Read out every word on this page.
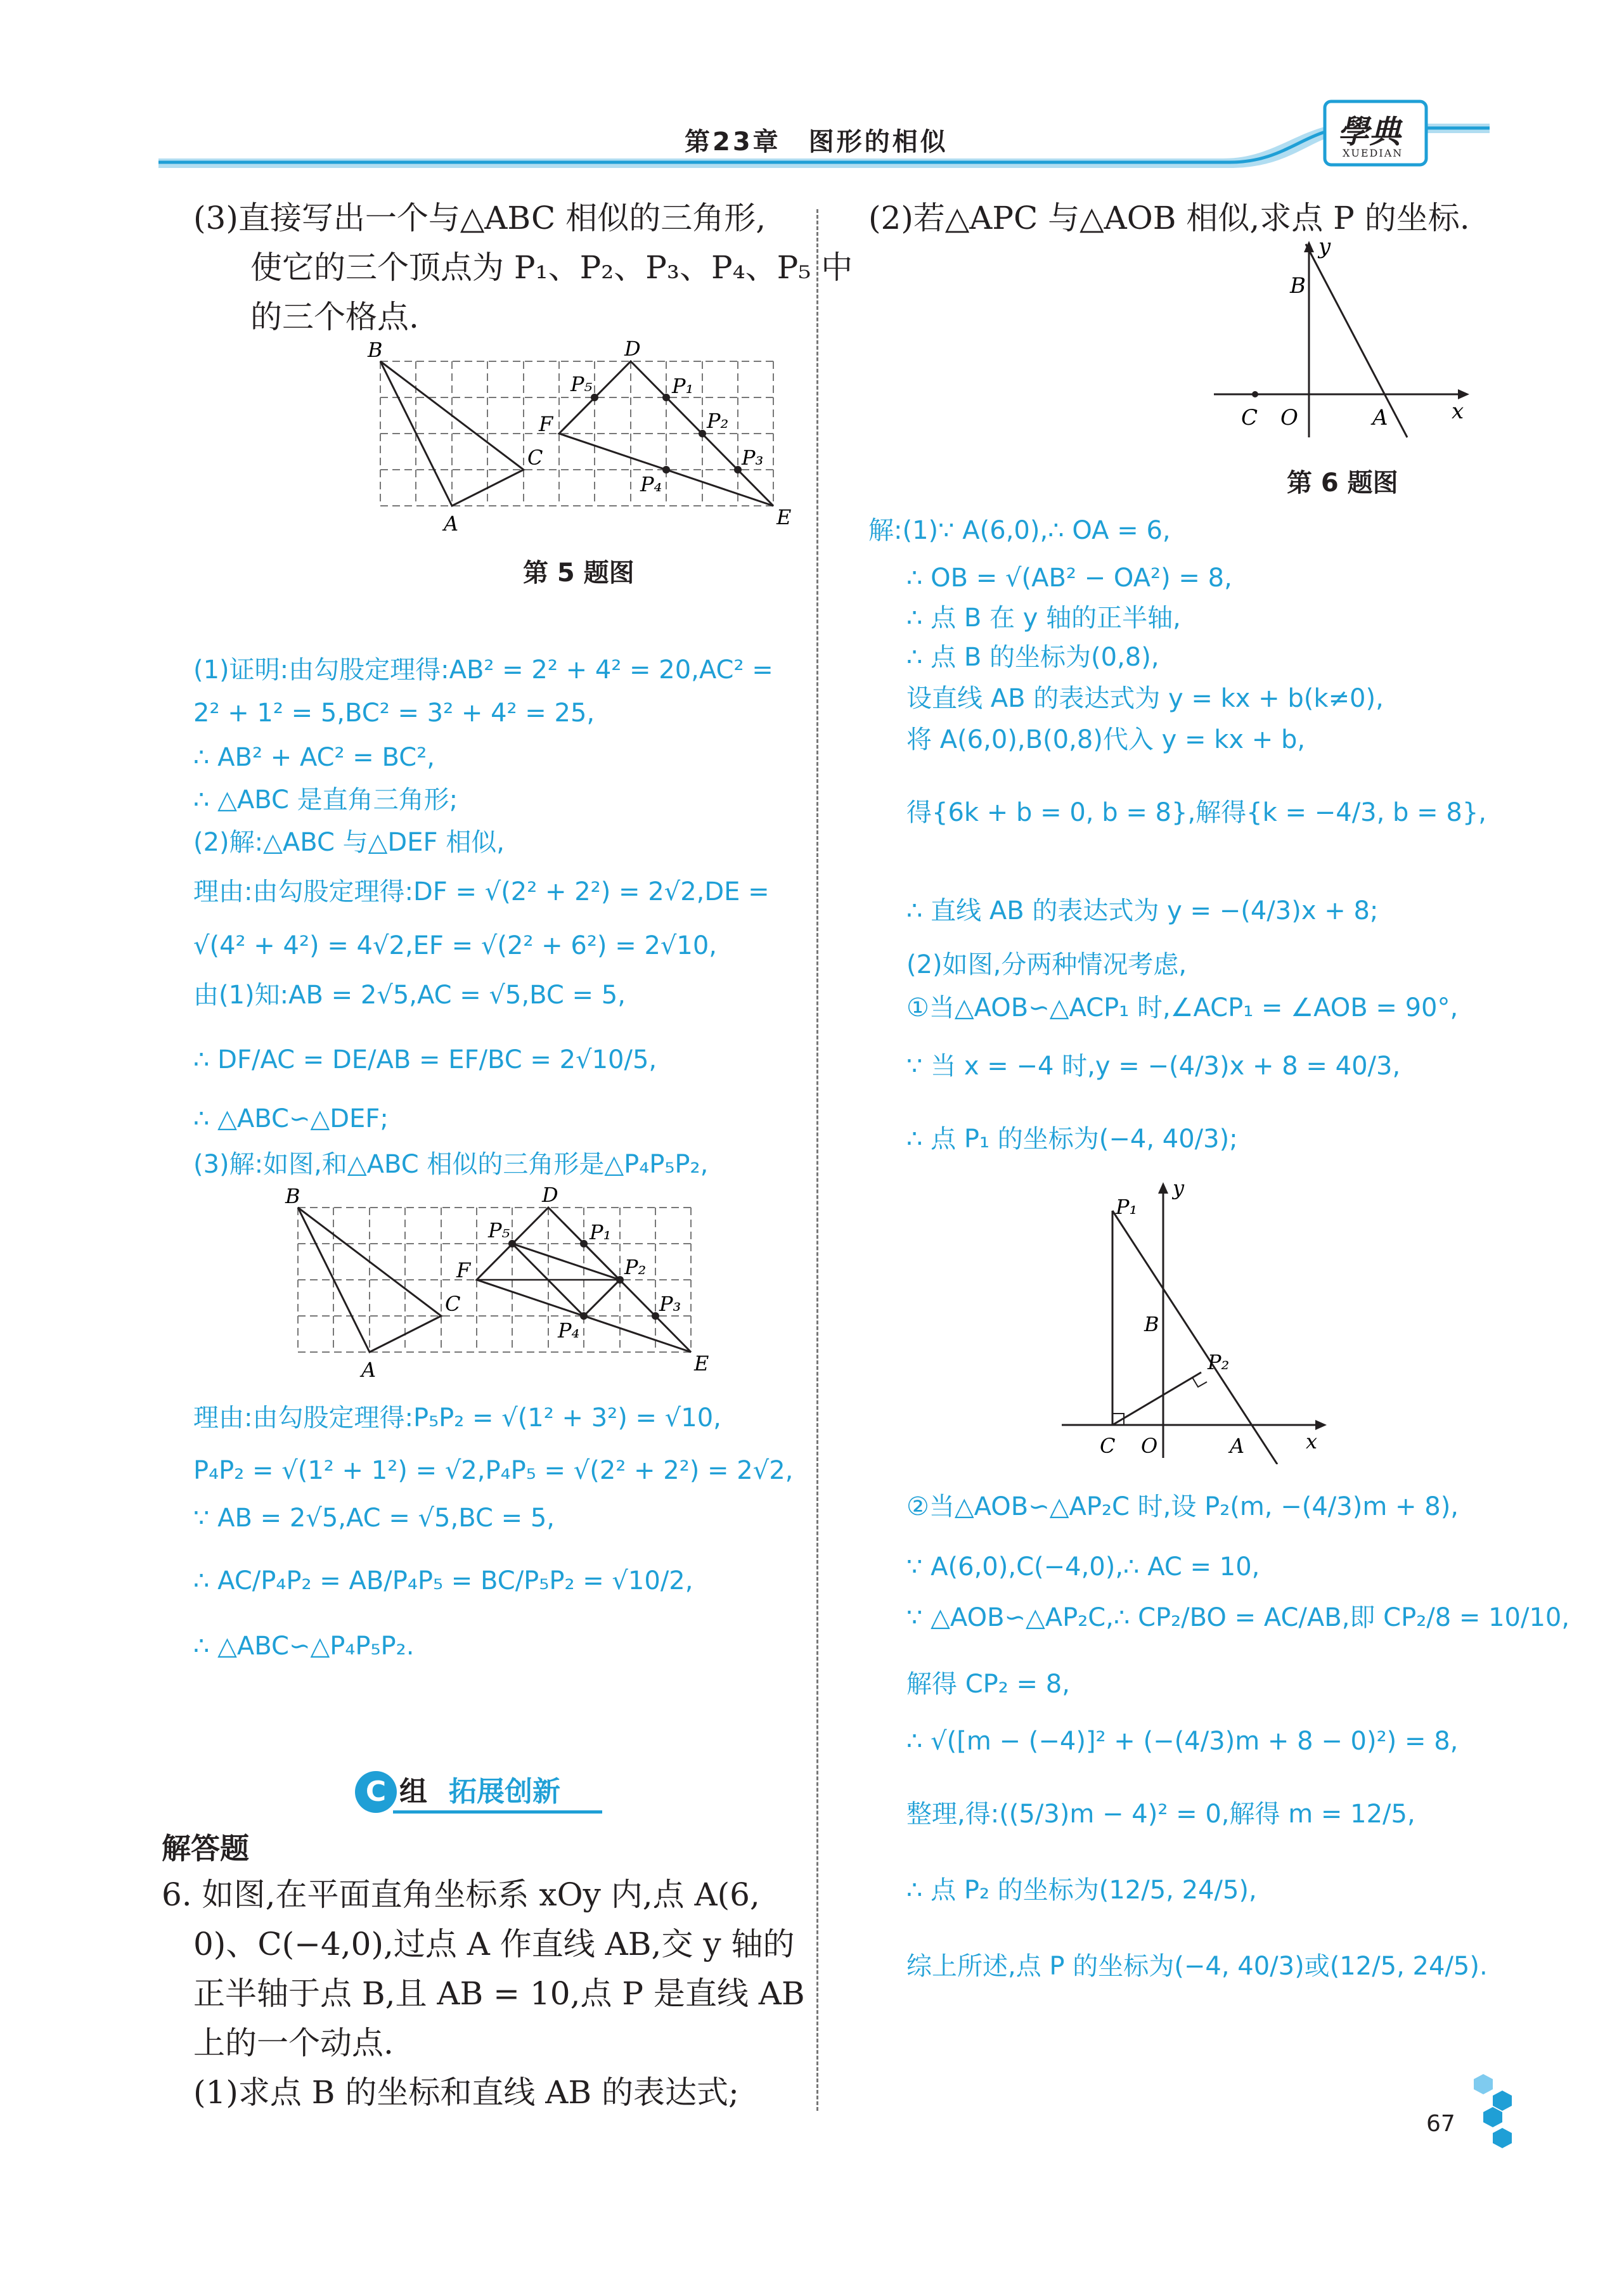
第23章　图形的相似	學典
XUEDIAN
(3)直接写出一个与△ABC 相似的三角形,
使它的三个顶点为 P₁、P₂、P₃、P₄、P₅ 中
的三个格点.
B
A
C
D
F
E
P₅	P₁
P₂
P₃
P₄
第 5 题图
(1)证明:由勾股定理得:AB² = 2² + 4² = 20,AC² =
2² + 1² = 5,BC² = 3² + 4² = 25,
∴ AB² + AC² = BC²,
∴ △ABC 是直角三角形;
(2)解:△ABC 与△DEF 相似,
理由:由勾股定理得:DF = √(2² + 2²) = 2√2,DE =
√(4² + 4²) = 4√2,EF = √(2² + 6²) = 2√10,
由(1)知:AB = 2√5,AC = √5,BC = 5,
∴ DF/AC = DE/AB = EF/BC = 2√10/5,
∴ △ABC∽△DEF;
(3)解:如图,和△ABC 相似的三角形是△P₄P₅P₂,
B
A
C
D
F
E
P₅	P₁
P₂
P₃
P₄
理由:由勾股定理得:P₅P₂ = √(1² + 3²) = √10,
P₄P₂ = √(1² + 1²) = √2,P₄P₅ = √(2² + 2²) = 2√2,
∵ AB = 2√5,AC = √5,BC = 5,
∴ AC/P₄P₂ = AB/P₄P₅ = BC/P₅P₂ = √10/2,
∴ △ABC∽△P₄P₅P₂.
C 组 拓展创新
解答题
6. 如图,在平面直角坐标系 xOy 内,点 A(6,
0)、C(−4,0),过点 A 作直线 AB,交 y 轴的
正半轴于点 B,且 AB = 10,点 P 是直线 AB
上的一个动点.
(1)求点 B 的坐标和直线 AB 的表达式;
(2)若△APC 与△AOB 相似,求点 P 的坐标.
B
C O	A	x
y
第 6 题图
解:(1)∵ A(6,0),∴ OA = 6,
∴ OB = √(AB² − OA²) = 8,
∴ 点 B 在 y 轴的正半轴,
∴ 点 B 的坐标为(0,8),
设直线 AB 的表达式为 y = kx + b(k≠0),
将 A(6,0),B(0,8)代入 y = kx + b,
得{6k + b = 0, b = 8},解得{k = −4/3, b = 8},
∴ 直线 AB 的表达式为 y = −(4/3)x + 8;
(2)如图,分两种情况考虑,
①当△AOB∽△ACP₁ 时,∠ACP₁ = ∠AOB = 90°,
∵ 当 x = −4 时,y = −(4/3)x + 8 = 40/3,
∴ 点 P₁ 的坐标为(−4, 40/3);
P₁
B
P₂
C O	A	x
y
②当△AOB∽△AP₂C 时,设 P₂(m, −(4/3)m + 8),
∵ A(6,0),C(−4,0),∴ AC = 10,
∵ △AOB∽△AP₂C,∴ CP₂/BO = AC/AB,即 CP₂/8 = 10/10,
解得 CP₂ = 8,
∴ √([m − (−4)]² + (−(4/3)m + 8 − 0)²) = 8,
整理,得:((5/3)m − 4)² = 0,解得 m = 12/5,
∴ 点 P₂ 的坐标为(12/5, 24/5),
综上所述,点 P 的坐标为(−4, 40/3)或(12/5, 24/5).
67
